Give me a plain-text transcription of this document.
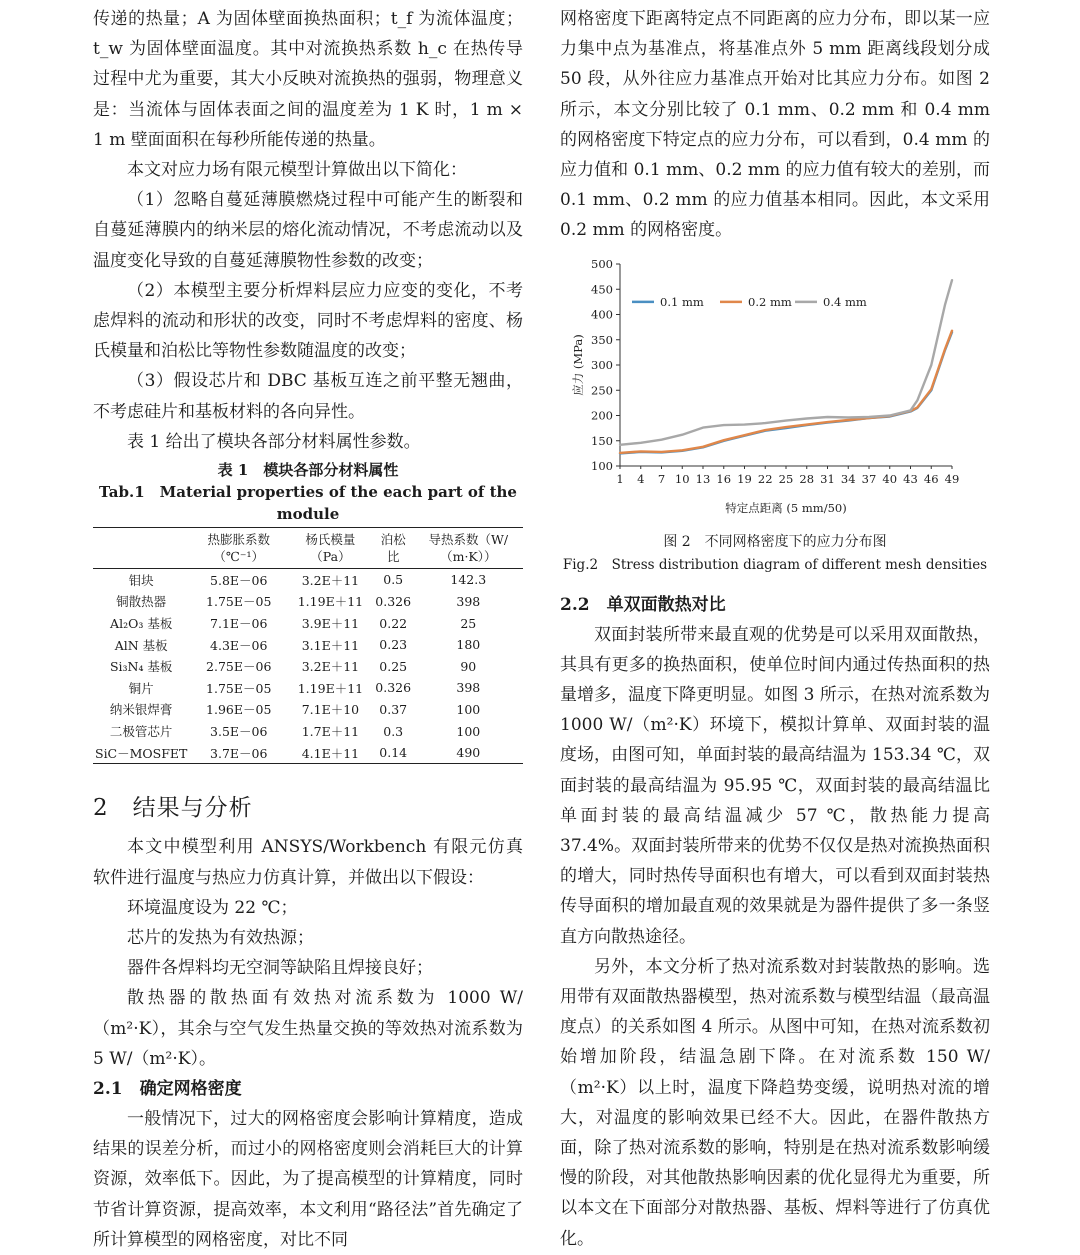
传递的热量；A 为固体壁面换热面积；t_f 为流体温度；t_w 为固体壁面温度。其中对流换热系数 h_c 在热传导过程中尤为重要，其大小反映对流换热的强弱，物理意义是：当流体与固体表面之间的温度差为 1 K 时，1 m × 1 m 壁面面积在每秒所能传递的热量。

本文对应力场有限元模型计算做出以下简化：

（1）忽略自蔓延薄膜燃烧过程中可能产生的断裂和自蔓延薄膜内的纳米层的熔化流动情况，不考虑流动以及温度变化导致的自蔓延薄膜物性参数的改变；

（2）本模型主要分析焊料层应力应变的变化，不考虑焊料的流动和形状的改变，同时不考虑焊料的密度、杨氏模量和泊松比等物性参数随温度的改变；

（3）假设芯片和 DBC 基板互连之前平整无翘曲，不考虑硅片和基板材料的各向异性。

表 1 给出了模块各部分材料属性参数。

表 1　模块各部分材料属性
Tab.1　Material properties of the each part of the module
	热膨胀系数（℃⁻¹）	杨氏模量（Pa）	泊松比	导热系数（W/（m·K））
钼块	5.8E－06	3.2E＋11	0.5	142.3
铜散热器	1.75E－05	1.19E＋11	0.326	398
Al₂O₃ 基板	7.1E－06	3.9E＋11	0.22	25
AlN 基板	4.3E－06	3.1E＋11	0.23	180
Si₃N₄ 基板	2.75E－06	3.2E＋11	0.25	90
铜片	1.75E－05	1.19E＋11	0.326	398
纳米银焊膏	1.96E－05	7.1E＋10	0.37	100
二极管芯片	3.5E－06	1.7E＋11	0.3	100
SiC－MOSFET	3.7E－06	4.1E＋11	0.14	490
2　结果与分析

本文中模型利用 ANSYS/Workbench 有限元仿真软件进行温度与热应力仿真计算，并做出以下假设：

环境温度设为 22 ℃；

芯片的发热为有效热源；

器件各焊料均无空洞等缺陷且焊接良好；

散热器的散热面有效热对流系数为 1000 W/（m²·K），其余与空气发生热量交换的等效热对流系数为 5 W/（m²·K）。

2.1　确定网格密度

一般情况下，过大的网格密度会影响计算精度，造成结果的误差分析，而过小的网格密度则会消耗巨大的计算资源，效率低下。因此，为了提高模型的计算精度，同时节省计算资源，提高效率，本文利用“路径法”首先确定了所计算模型的网格密度，对比不同

网格密度下距离特定点不同距离的应力分布，即以某一应力集中点为基准点，将基准点外 5 mm 距离线段划分成 50 段，从外往应力基准点开始对比其应力分布。如图 2 所示，本文分别比较了 0.1 mm、0.2 mm 和 0.4 mm 的网格密度下特定点的应力分布，可以看到，0.4 mm 的应力值和 0.1 mm、0.2 mm 的应力值有较大的差别，而 0.1 mm、0.2 mm 的应力值基本相同。因此，本文采用 0.2 mm 的网格密度。

100
150
200
250
300
350
400
450
500
1 4 7 10 13 16 19 22 25 28 31 34 37 40 43 46 49
特定点距离 (5 mm/50)
应力 (MPa)
0.1 mm	0.2 mm	0.4 mm
图 2　不同网格密度下的应力分布图
Fig.2　Stress distribution diagram of different mesh densities
2.2　单双面散热对比

双面封装所带来最直观的优势是可以采用双面散热，其具有更多的换热面积，使单位时间内通过传热面积的热量增多，温度下降更明显。如图 3 所示，在热对流系数为 1000 W/（m²·K）环境下，模拟计算单、双面封装的温度场，由图可知，单面封装的最高结温为 153.34 ℃，双面封装的最高结温为 95.95 ℃，双面封装的最高结温比单面封装的最高结温减少 57 ℃，散热能力提高 37.4%。双面封装所带来的优势不仅仅是热对流换热面积的增大，同时热传导面积也有增大，可以看到双面封装热传导面积的增加最直观的效果就是为器件提供了多一条竖直方向散热途径。

另外，本文分析了热对流系数对封装散热的影响。选用带有双面散热器模型，热对流系数与模型结温（最高温度点）的关系如图 4 所示。从图中可知，在热对流系数初始增加阶段，结温急剧下降。在对流系数 150 W/（m²·K）以上时，温度下降趋势变缓，说明热对流的增大，对温度的影响效果已经不大。因此，在器件散热方面，除了热对流系数的影响，特别是在热对流系数影响缓慢的阶段，对其他散热影响因素的优化显得尤为重要，所以本文在下面部分对散热器、基板、焊料等进行了仿真优化。
